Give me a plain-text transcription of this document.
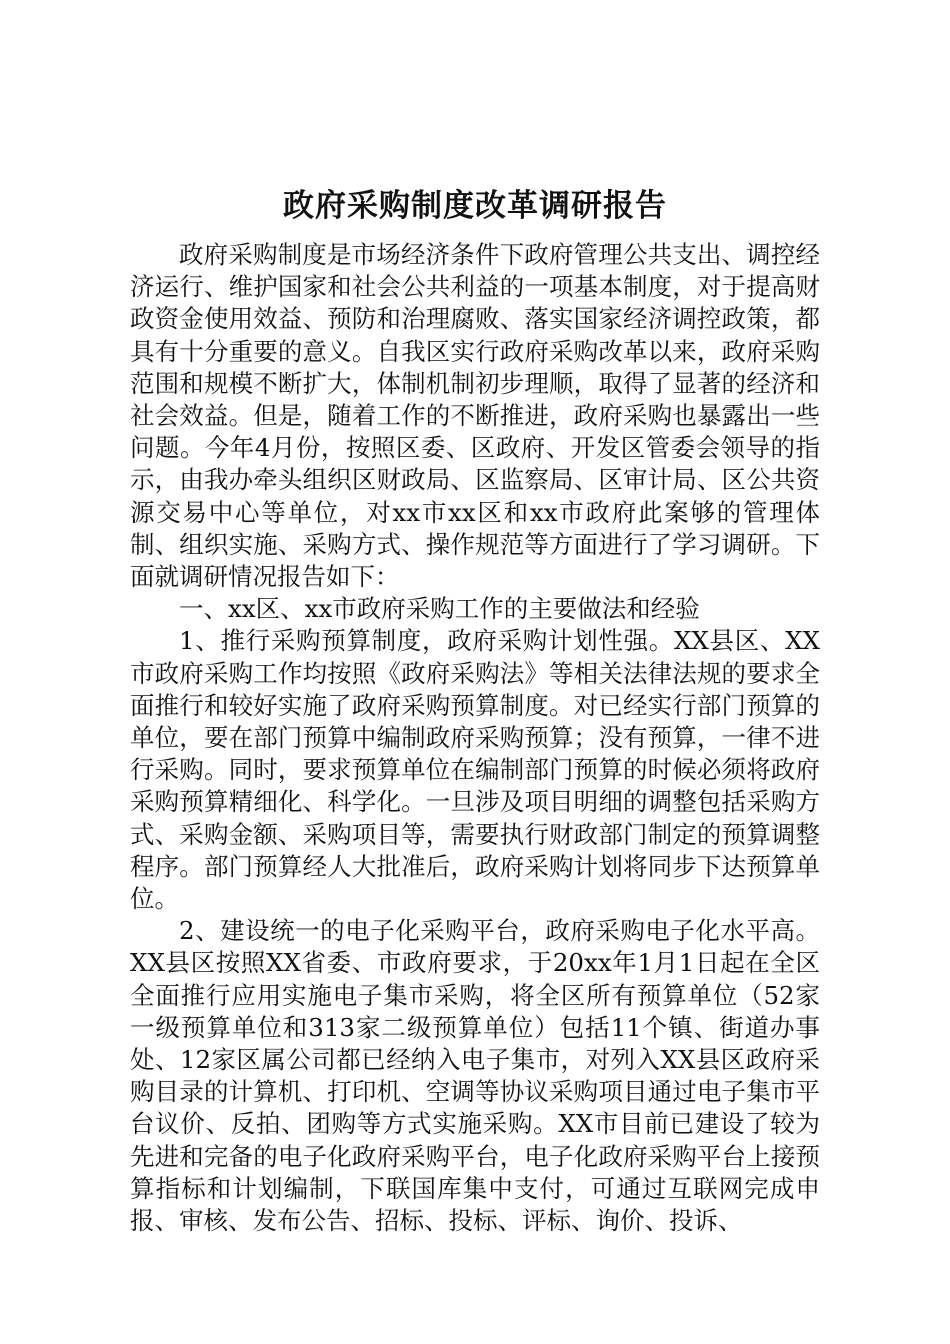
政府采购制度改革调研报告

政府采购制度是市场经济条件下政府管理公共支出、调控经济运行、维护国家和社会公共利益的一项基本制度，对于提高财政资金使用效益、预防和治理腐败、落实国家经济调控政策，都具有十分重要的意义。自我区实行政府采购改革以来，政府采购范围和规模不断扩大，体制机制初步理顺，取得了显著的经济和社会效益。但是，随着工作的不断推进，政府采购也暴露出一些问题。今年4月份，按照区委、区政府、开发区管委会领导的指示，由我办牵头组织区财政局、区监察局、区审计局、区公共资源交易中心等单位，对xx市xx区和xx市政府此案够的管理体制、组织实施、采购方式、操作规范等方面进行了学习调研。下面就调研情况报告如下：

一、xx区、xx市政府采购工作的主要做法和经验

1、推行采购预算制度，政府采购计划性强。XX县区、XX市政府采购工作均按照《政府采购法》等相关法律法规的要求全面推行和较好实施了政府采购预算制度。对已经实行部门预算的单位，要在部门预算中编制政府采购预算；没有预算，一律不进行采购。同时，要求预算单位在编制部门预算的时候必须将政府采购预算精细化、科学化。一旦涉及项目明细的调整包括采购方式、采购金额、采购项目等，需要执行财政部门制定的预算调整程序。部门预算经人大批准后，政府采购计划将同步下达预算单位。

2、建设统一的电子化采购平台，政府采购电子化水平高。XX县区按照XX省委、市政府要求，于20xx年1月1日起在全区全面推行应用实施电子集市采购，将全区所有预算单位（52家一级预算单位和313家二级预算单位）包括11个镇、街道办事处、12家区属公司都已经纳入电子集市，对列入XX县区政府采购目录的计算机、打印机、空调等协议采购项目通过电子集市平台议价、反拍、团购等方式实施采购。XX市目前已建设了较为先进和完备的电子化政府采购平台，电子化政府采购平台上接预算指标和计划编制，下联国库集中支付，可通过互联网完成申报、审核、发布公告、招标、投标、评标、询价、投诉、
